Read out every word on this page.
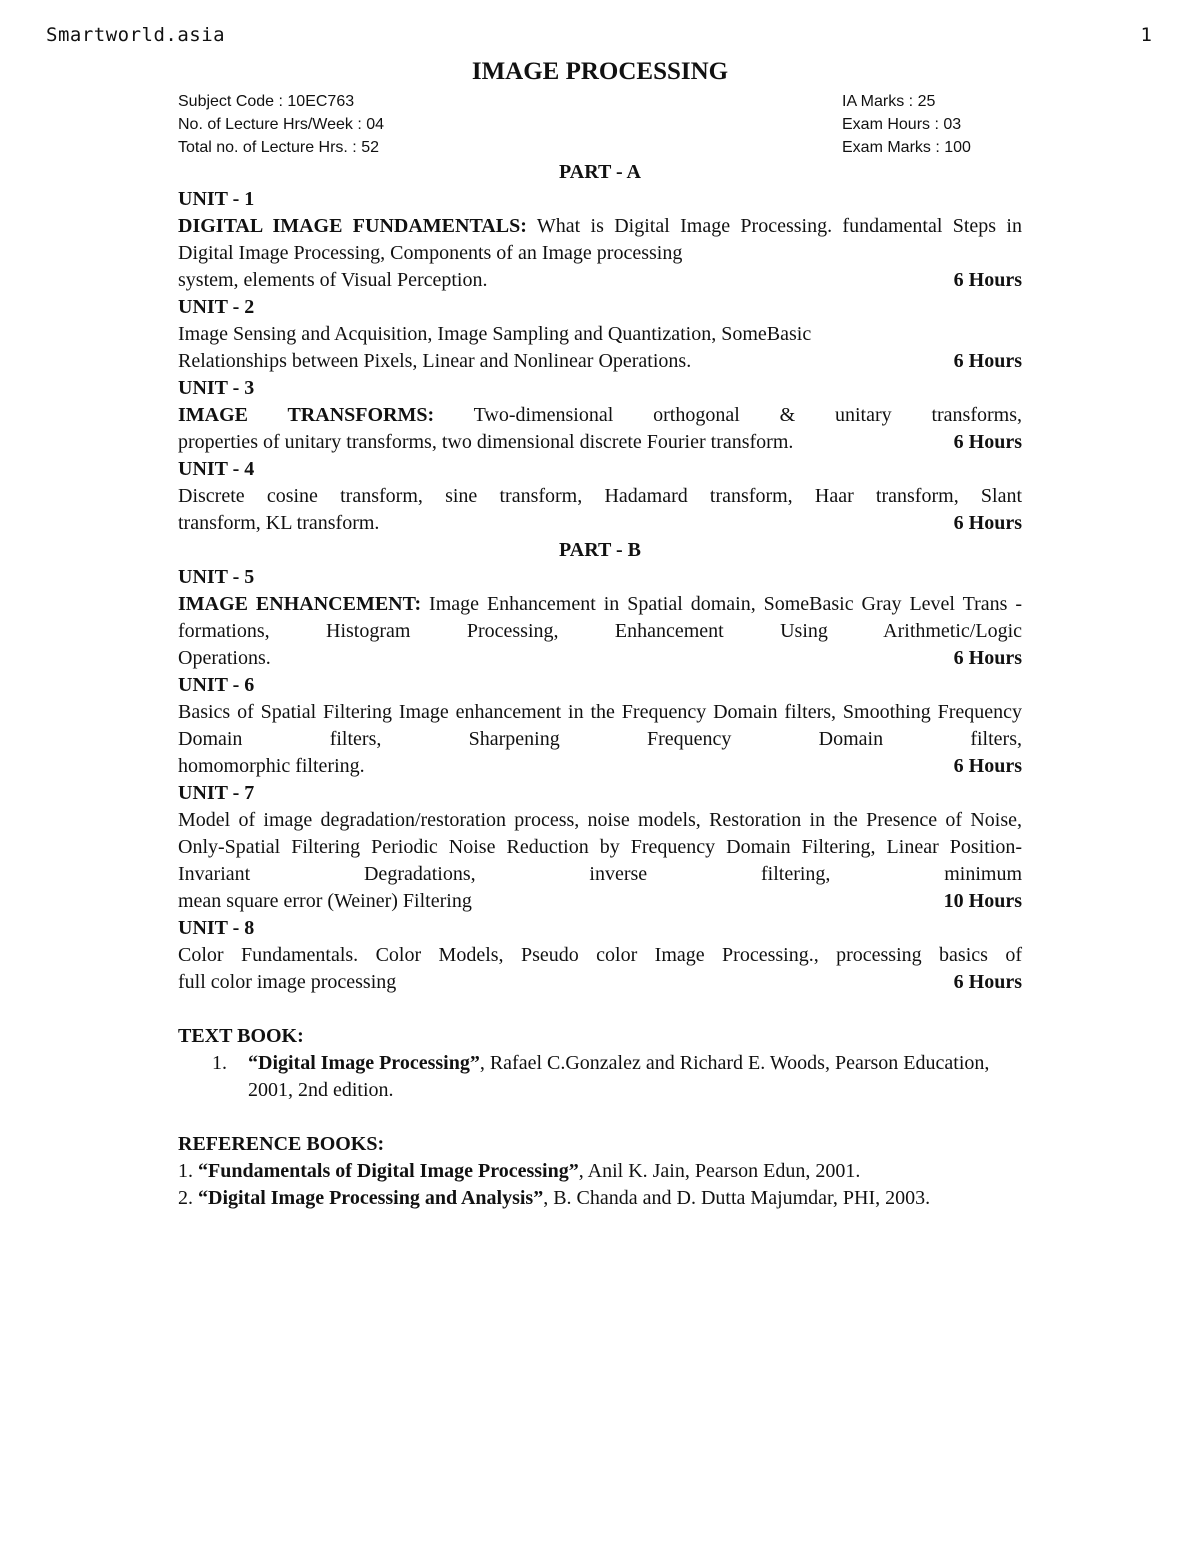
Smartworld.asia	1
IMAGE PROCESSING
Subject Code : 10EC763	IA Marks : 25
No. of Lecture Hrs/Week : 04	Exam Hours : 03
Total no. of Lecture Hrs. : 52	Exam Marks : 100
PART - A
UNIT - 1
DIGITAL IMAGE FUNDAMENTALS: What is Digital Image Processing. fundamental Steps in Digital Image Processing, Components of an Image processing
system, elements of Visual Perception.	6 Hours
UNIT - 2
Image Sensing and Acquisition, Image Sampling and Quantization, SomeBasic
Relationships between Pixels, Linear and Nonlinear Operations.	6 Hours
UNIT - 3
IMAGE TRANSFORMS: Two-dimensional orthogonal & unitary transforms,
properties of unitary transforms, two dimensional discrete Fourier transform.	6 Hours
UNIT - 4
Discrete cosine transform, sine transform, Hadamard transform, Haar transform, Slant
transform, KL transform.	6 Hours
PART - B
UNIT - 5
IMAGE ENHANCEMENT: Image Enhancement in Spatial domain, SomeBasic Gray Level Trans -formations, Histogram Processing, Enhancement Using Arithmetic/Logic
Operations.	6 Hours
UNIT - 6
Basics of Spatial Filtering Image enhancement in the Frequency Domain filters, Smoothing Frequency Domain filters, Sharpening Frequency Domain filters,
homomorphic filtering.	6 Hours
UNIT - 7
Model of image degradation/restoration process, noise models, Restoration in the Presence of Noise, Only-Spatial Filtering Periodic Noise Reduction by Frequency Domain Filtering, Linear Position-Invariant Degradations, inverse filtering, minimum
mean square error (Weiner) Filtering	10 Hours
UNIT - 8
Color Fundamentals. Color Models, Pseudo color Image Processing., processing basics of
full color image processing	6 Hours
TEXT BOOK:
1. “Digital Image Processing”, Rafael C.Gonzalez and Richard E. Woods, Pearson Education, 2001, 2nd edition.
REFERENCE BOOKS:
1. “Fundamentals of Digital Image Processing”, Anil K. Jain, Pearson Edun, 2001.
2. “Digital Image Processing and Analysis”, B. Chanda and D. Dutta Majumdar, PHI, 2003.
